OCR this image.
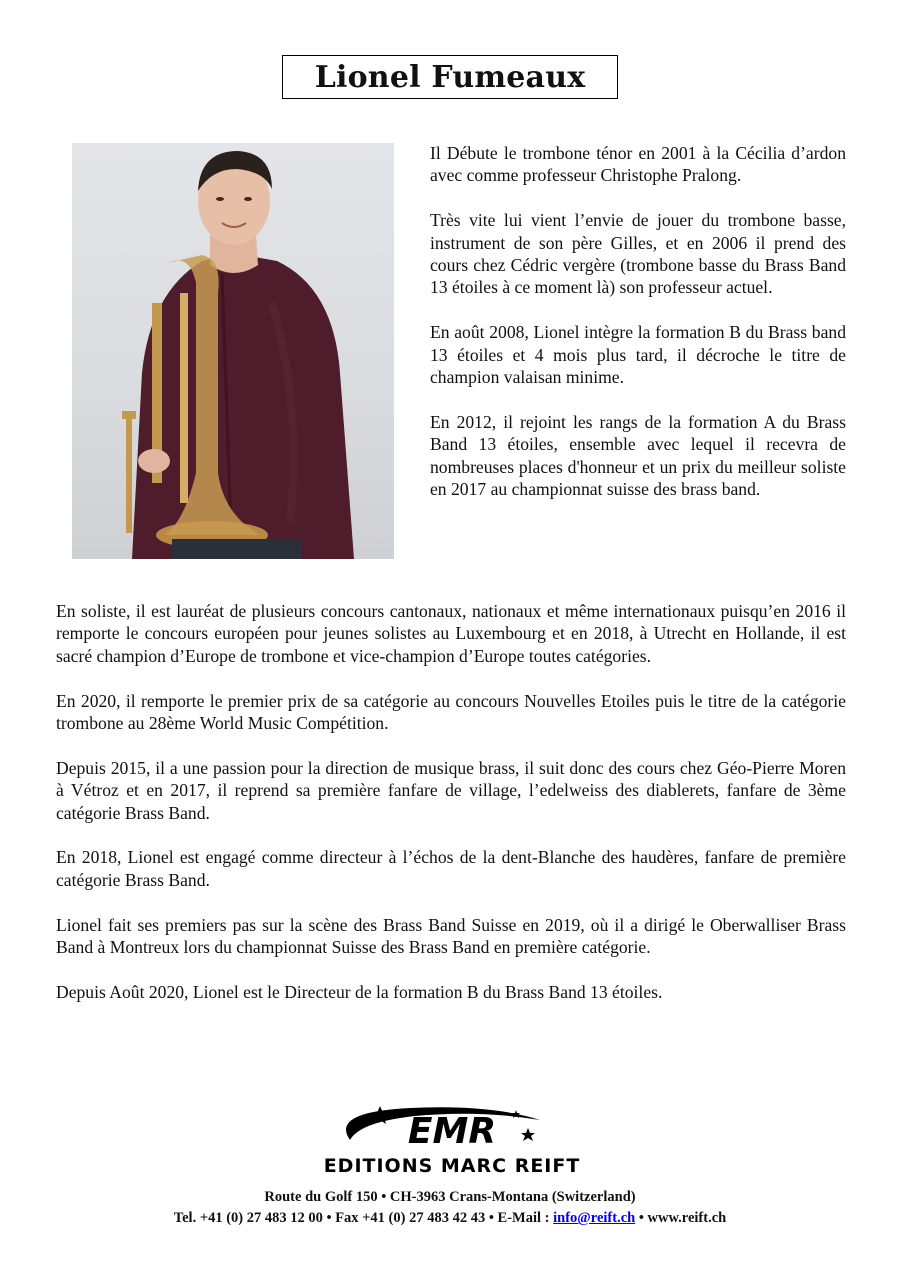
Lionel Fumeaux

Il Débute le trombone ténor en 2001 à la Cécilia d’ardon avec comme professeur Christophe Pralong.

Très vite lui vient l’envie de jouer du trombone basse, instrument de son père Gilles, et en 2006 il prend des cours chez Cédric vergère (trombone basse du Brass Band 13 étoiles à ce moment là) son professeur actuel.

En août 2008, Lionel intègre la formation B du Brass band 13 étoiles et 4 mois plus tard, il décroche le titre de champion valaisan minime.

En 2012, il rejoint les rangs de la formation A du Brass Band 13 étoiles, ensemble avec lequel il recevra de nombreuses places d'honneur et un prix du meilleur soliste en 2017 au championnat suisse des brass band.

En soliste, il est lauréat de plusieurs concours cantonaux, nationaux et même internationaux puisqu’en 2016 il remporte le concours européen pour jeunes solistes au Luxembourg et en 2018, à Utrecht en Hollande, il est sacré champion d’Europe de trombone et vice-champion d’Europe toutes catégories.

En 2020, il remporte le premier prix de sa catégorie au concours Nouvelles Etoiles puis le titre de la catégorie trombone au 28ème World Music Compétition.

Depuis 2015, il a une passion pour la direction de musique brass, il suit donc des cours chez Géo-Pierre Moren à Vétroz et en 2017, il reprend sa première fanfare de village, l’edelweiss des diablerets, fanfare de 3ème catégorie Brass Band.

En 2018, Lionel est engagé comme directeur à l’échos de la dent-Blanche des haudères, fanfare de première catégorie Brass Band.

Lionel fait ses premiers pas sur la scène des Brass Band Suisse en 2019, où il a dirigé le Oberwalliser Brass Band à Montreux lors du championnat Suisse des Brass Band en première catégorie.

Depuis Août 2020, Lionel est le Directeur de la formation B du Brass Band 13 étoiles.

EMR
EDITIONS MARC REIFT
Route du Golf 150 • CH-3963 Crans-Montana (Switzerland)
Tel. +41 (0) 27 483 12 00 • Fax +41 (0) 27 483 42 43 • E-Mail : info@reift.ch • www.reift.ch
